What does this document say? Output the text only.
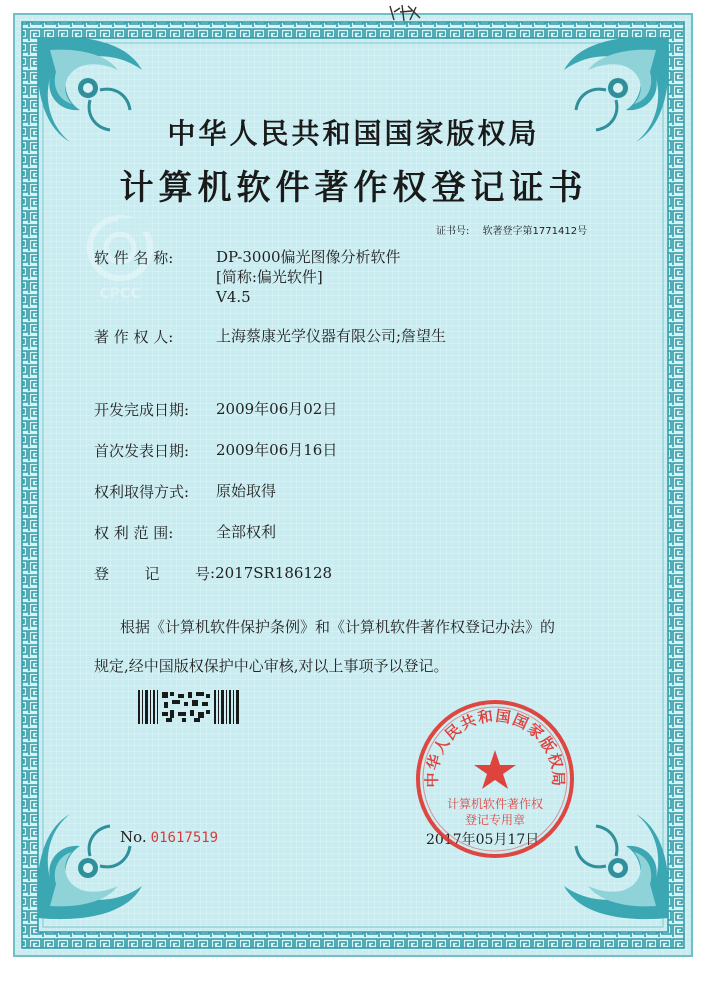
中华人民共和国国家版权局
计算机软件著作权登记证书
证书号: 软著登字第1771412号
CPCC
软 件 名 称:	DP-3000偏光图像分析软件
[简称:偏光软件]
V4.5
著 作 权 人:	上海蔡康光学仪器有限公司;詹望生
开发完成日期:	2009年06月02日
首次发表日期:	2009年06月16日
权利取得方式:	原始取得
权 利 范 围:	全部权利
登 记 号 :2017SR186128
根据《计算机软件保护条例》和《计算机软件著作权登记办法》的
规定,经中国版权保护中心审核,对以上事项予以登记。
No. 01617519	2017年05月17日
中华人民共和国国家版权局
计算机软件著作权
登记专用章
